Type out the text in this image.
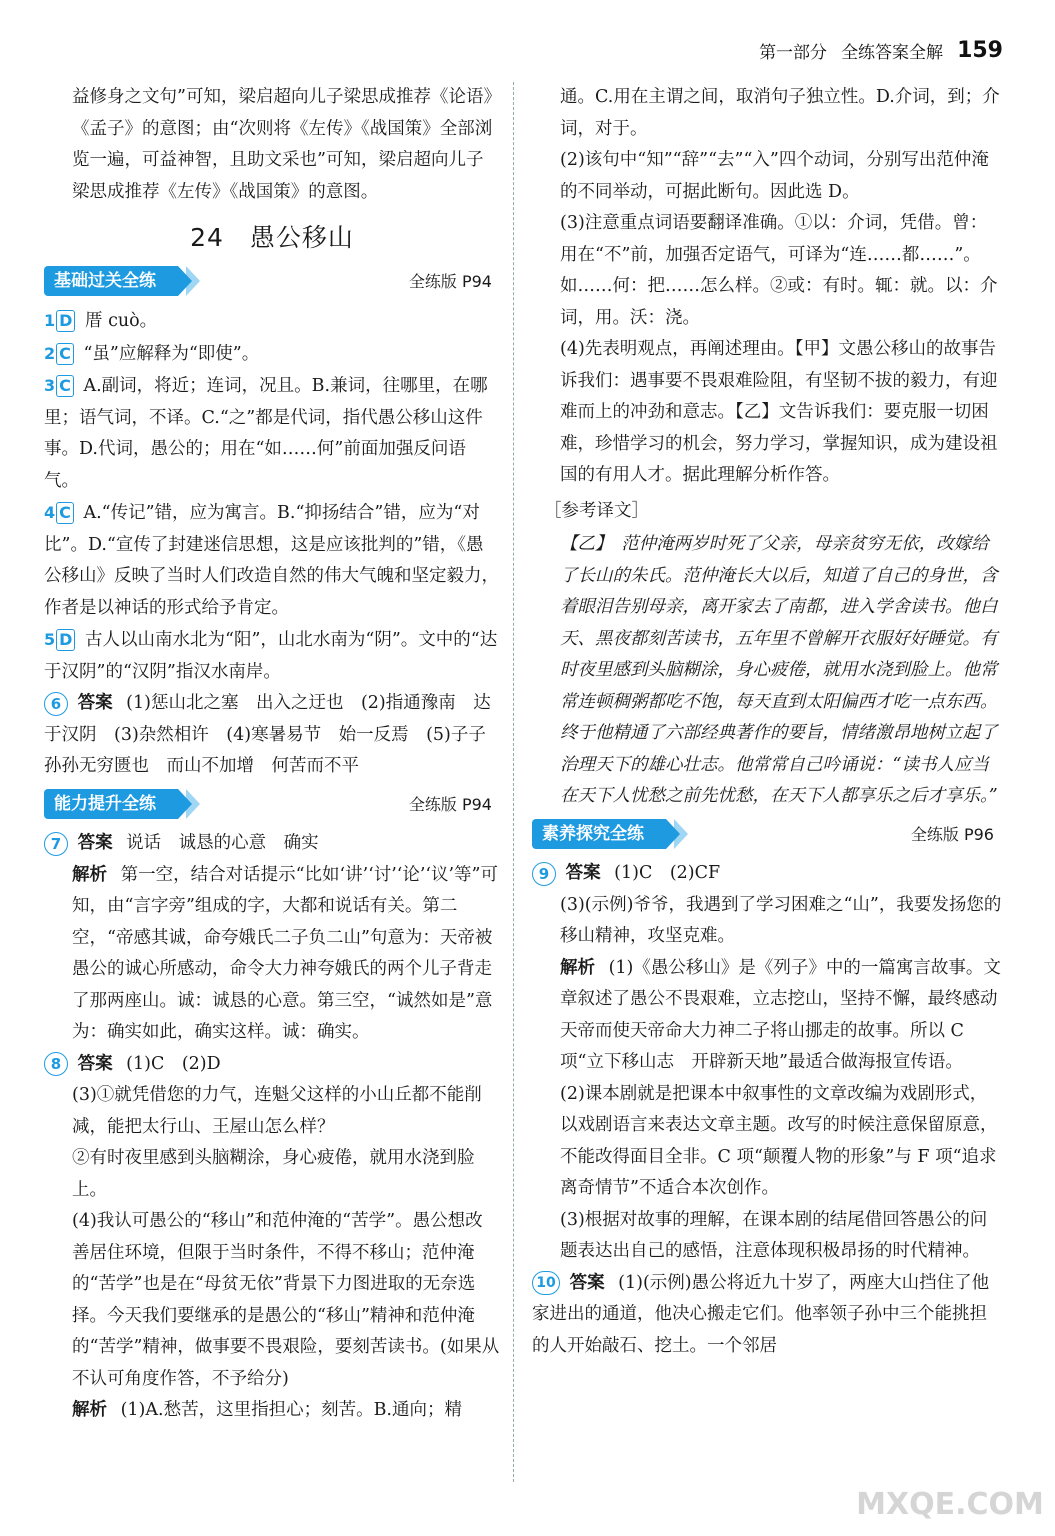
第一部分 全练答案全解 159

益修身之文句”可知，梁启超向儿子梁思成推荐《论语》《孟子》的意图；由“次则将《左传》《战国策》全部浏览一遍，可益神智，且助文采也”可知，梁启超向儿子梁思成推荐《左传》《战国策》的意图。

24　愚公移山
基础过关全练	全练版 P94

1 D 厝 cuò。

2 C “虽”应解释为“即使”。

3 C A.副词，将近；连词，况且。B.兼词，往哪里，在哪里；语气词，不译。C.“之”都是代词，指代愚公移山这件事。D.代词，愚公的；用在“如……何”前面加强反问语气。

4 C A.“传记”错，应为寓言。B.“抑扬结合”错，应为“对比”。D.“宣传了封建迷信思想，这是应该批判的”错，《愚公移山》反映了当时人们改造自然的伟大气魄和坚定毅力，作者是以神话的形式给予肯定。

5 D 古人以山南水北为“阳”，山北水南为“阴”。文中的“达于汉阴”的“汉阴”指汉水南岸。

6 答案 (1)惩山北之塞　出入之迂也　(2)指通豫南　达于汉阴　(3)杂然相许　(4)寒暑易节　始一反焉　(5)子子孙孙无穷匮也　而山不加增　何苦而不平

能力提升全练	全练版 P94

7 答案 说话　诚恳的心意　确实

解析 第一空，结合对话提示“比如‘讲’‘讨’‘论’‘议’等”可知，由“言字旁”组成的字，大都和说话有关。第二空，“帝感其诚，命夸娥氏二子负二山”句意为：天帝被愚公的诚心所感动，命令大力神夸娥氏的两个儿子背走了那两座山。诚：诚恳的心意。第三空，“诚然如是”意为：确实如此，确实这样。诚：确实。

8 答案 (1)C　(2)D

(3)①就凭借您的力气，连魁父这样的小山丘都不能削减，能把太行山、王屋山怎么样？

②有时夜里感到头脑糊涂，身心疲倦，就用水浇到脸上。

(4)我认可愚公的“移山”和范仲淹的“苦学”。愚公想改善居住环境，但限于当时条件，不得不移山；范仲淹的“苦学”也是在“母贫无依”背景下力图进取的无奈选择。今天我们要继承的是愚公的“移山”精神和范仲淹的“苦学”精神，做事要不畏艰险，要刻苦读书。(如果从不认可角度作答，不予给分)

解析 (1)A.愁苦，这里指担心；刻苦。B.通向；精

通。C.用在主谓之间，取消句子独立性。D.介词，到；介词，对于。

(2)该句中“知”“辞”“去”“入”四个动词，分别写出范仲淹的不同举动，可据此断句。因此选 D。

(3)注意重点词语要翻译准确。①以：介词，凭借。曾：用在“不”前，加强否定语气，可译为“连……都……”。如……何：把……怎么样。②或：有时。辄：就。以：介词，用。沃：浇。

(4)先表明观点，再阐述理由。【甲】文愚公移山的故事告诉我们：遇事要不畏艰难险阻，有坚韧不拔的毅力，有迎难而上的冲劲和意志。【乙】文告诉我们：要克服一切困难，珍惜学习的机会，努力学习，掌握知识，成为建设祖国的有用人才。据此理解分析作答。

［参考译文］

【乙】　范仲淹两岁时死了父亲，母亲贫穷无依，改嫁给了长山的朱氏。范仲淹长大以后，知道了自己的身世，含着眼泪告别母亲，离开家去了南都，进入学舍读书。他白天、黑夜都刻苦读书，五年里不曾解开衣服好好睡觉。有时夜里感到头脑糊涂，身心疲倦，就用水浇到脸上。他常常连顿稠粥都吃不饱，每天直到太阳偏西才吃一点东西。终于他精通了六部经典著作的要旨，情绪激昂地树立起了治理天下的雄心壮志。他常常自己吟诵说：“读书人应当在天下人忧愁之前先忧愁，在天下人都享乐之后才享乐。”

素养探究全练	全练版 P96

9 答案 (1)C　(2)CF

(3)(示例)爷爷，我遇到了学习困难之“山”，我要发扬您的移山精神，攻坚克难。

解析 (1)《愚公移山》是《列子》中的一篇寓言故事。文章叙述了愚公不畏艰难，立志挖山，坚持不懈，最终感动天帝而使天帝命大力神二子将山挪走的故事。所以 C 项“立下移山志　开辟新天地”最适合做海报宣传语。

(2)课本剧就是把课本中叙事性的文章改编为戏剧形式，以戏剧语言来表达文章主题。改写的时候注意保留原意，不能改得面目全非。C 项“颠覆人物的形象”与 F 项“追求离奇情节”不适合本次创作。

(3)根据对故事的理解，在课本剧的结尾借回答愚公的问题表达出自己的感悟，注意体现积极昂扬的时代精神。

10 答案 (1)(示例)愚公将近九十岁了，两座大山挡住了他家进出的通道，他决心搬走它们。他率领子孙中三个能挑担的人开始敲石、挖土。一个邻居

MXQE.COM
